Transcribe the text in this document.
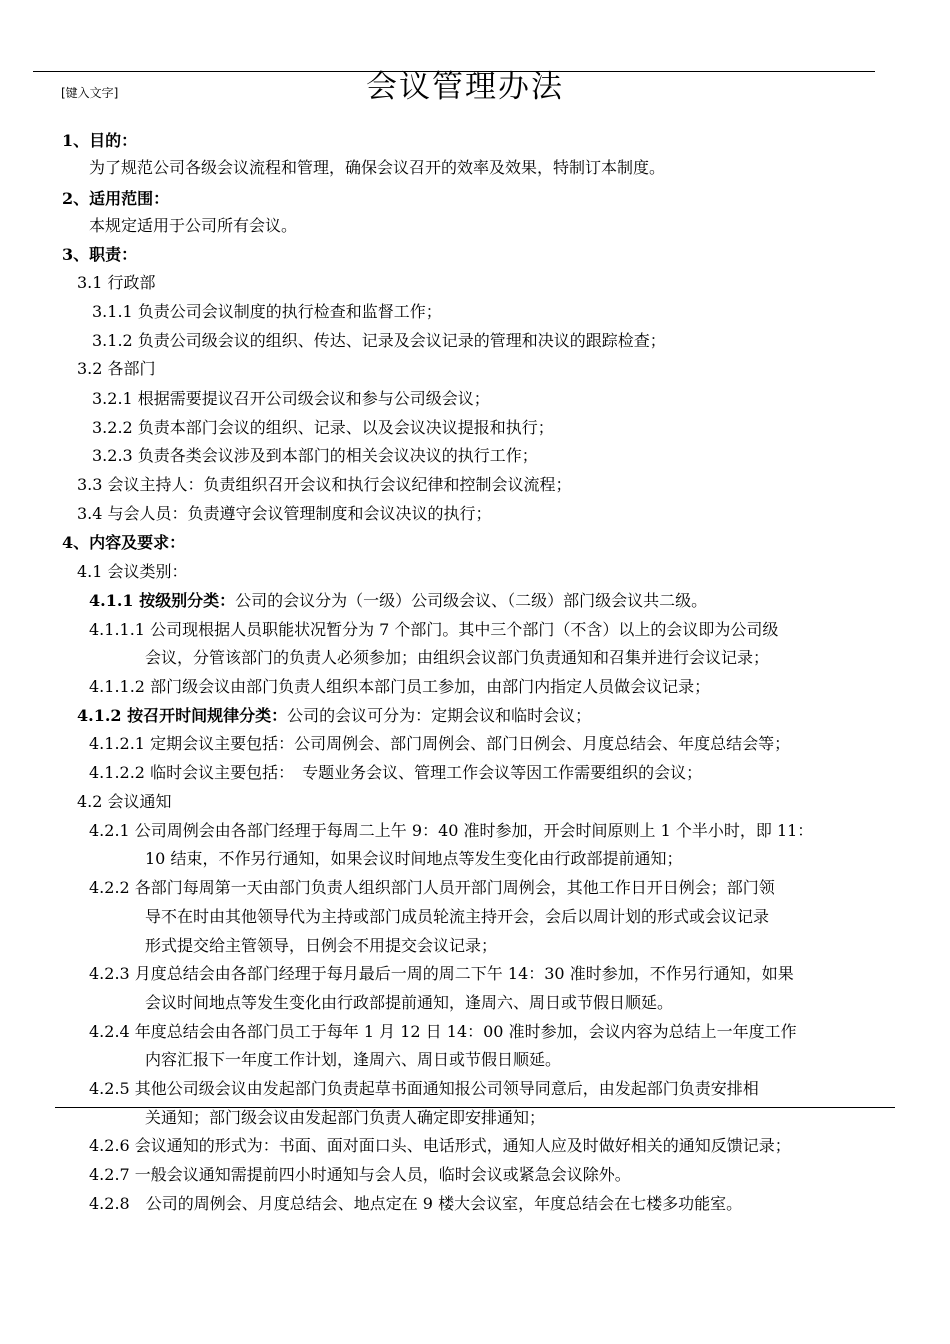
[键入文字]	会议管理办法
1、目的：
为了规范公司各级会议流程和管理，确保会议召开的效率及效果，特制订本制度。
2、适用范围：
本规定适用于公司所有会议。
3、职责：
3.1 行政部
3.1.1 负责公司会议制度的执行检查和监督工作；
3.1.2 负责公司级会议的组织、传达、记录及会议记录的管理和决议的跟踪检查；
3.2 各部门
3.2.1 根据需要提议召开公司级会议和参与公司级会议；
3.2.2 负责本部门会议的组织、记录、以及会议决议提报和执行；
3.2.3 负责各类会议涉及到本部门的相关会议决议的执行工作；
3.3 会议主持人：负责组织召开会议和执行会议纪律和控制会议流程；
3.4 与会人员：负责遵守会议管理制度和会议决议的执行；
4、内容及要求：
4.1 会议类别：
4.1.1 按级别分类：公司的会议分为（一级）公司级会议、（二级）部门级会议共二级。
4.1.1.1 公司现根据人员职能状况暂分为 7 个部门。其中三个部门（不含）以上的会议即为公司级
会议，分管该部门的负责人必须参加；由组织会议部门负责通知和召集并进行会议记录；
4.1.1.2 部门级会议由部门负责人组织本部门员工参加，由部门内指定人员做会议记录；
4.1.2 按召开时间规律分类：公司的会议可分为：定期会议和临时会议；
4.1.2.1 定期会议主要包括：公司周例会、部门周例会、部门日例会、月度总结会、年度总结会等；
4.1.2.2 临时会议主要包括：　专题业务会议、管理工作会议等因工作需要组织的会议；
4.2 会议通知
4.2.1 公司周例会由各部门经理于每周二上午 9：40 准时参加，开会时间原则上 1 个半小时，即 11：
10 结束，不作另行通知，如果会议时间地点等发生变化由行政部提前通知；
4.2.2 各部门每周第一天由部门负责人组织部门人员开部门周例会，其他工作日开日例会；部门领
导不在时由其他领导代为主持或部门成员轮流主持开会，会后以周计划的形式或会议记录
形式提交给主管领导，日例会不用提交会议记录；
4.2.3 月度总结会由各部门经理于每月最后一周的周二下午 14：30 准时参加，不作另行通知，如果
会议时间地点等发生变化由行政部提前通知，逢周六、周日或节假日顺延。
4.2.4 年度总结会由各部门员工于每年 1 月 12 日 14：00 准时参加，会议内容为总结上一年度工作
内容汇报下一年度工作计划，逢周六、周日或节假日顺延。
4.2.5 其他公司级会议由发起部门负责起草书面通知报公司领导同意后，由发起部门负责安排相
关通知；部门级会议由发起部门负责人确定即安排通知；
4.2.6 会议通知的形式为：书面、面对面口头、电话形式，通知人应及时做好相关的通知反馈记录；
4.2.7 一般会议通知需提前四小时通知与会人员，临时会议或紧急会议除外。
4.2.8　公司的周例会、月度总结会、地点定在 9 楼大会议室，年度总结会在七楼多功能室。
